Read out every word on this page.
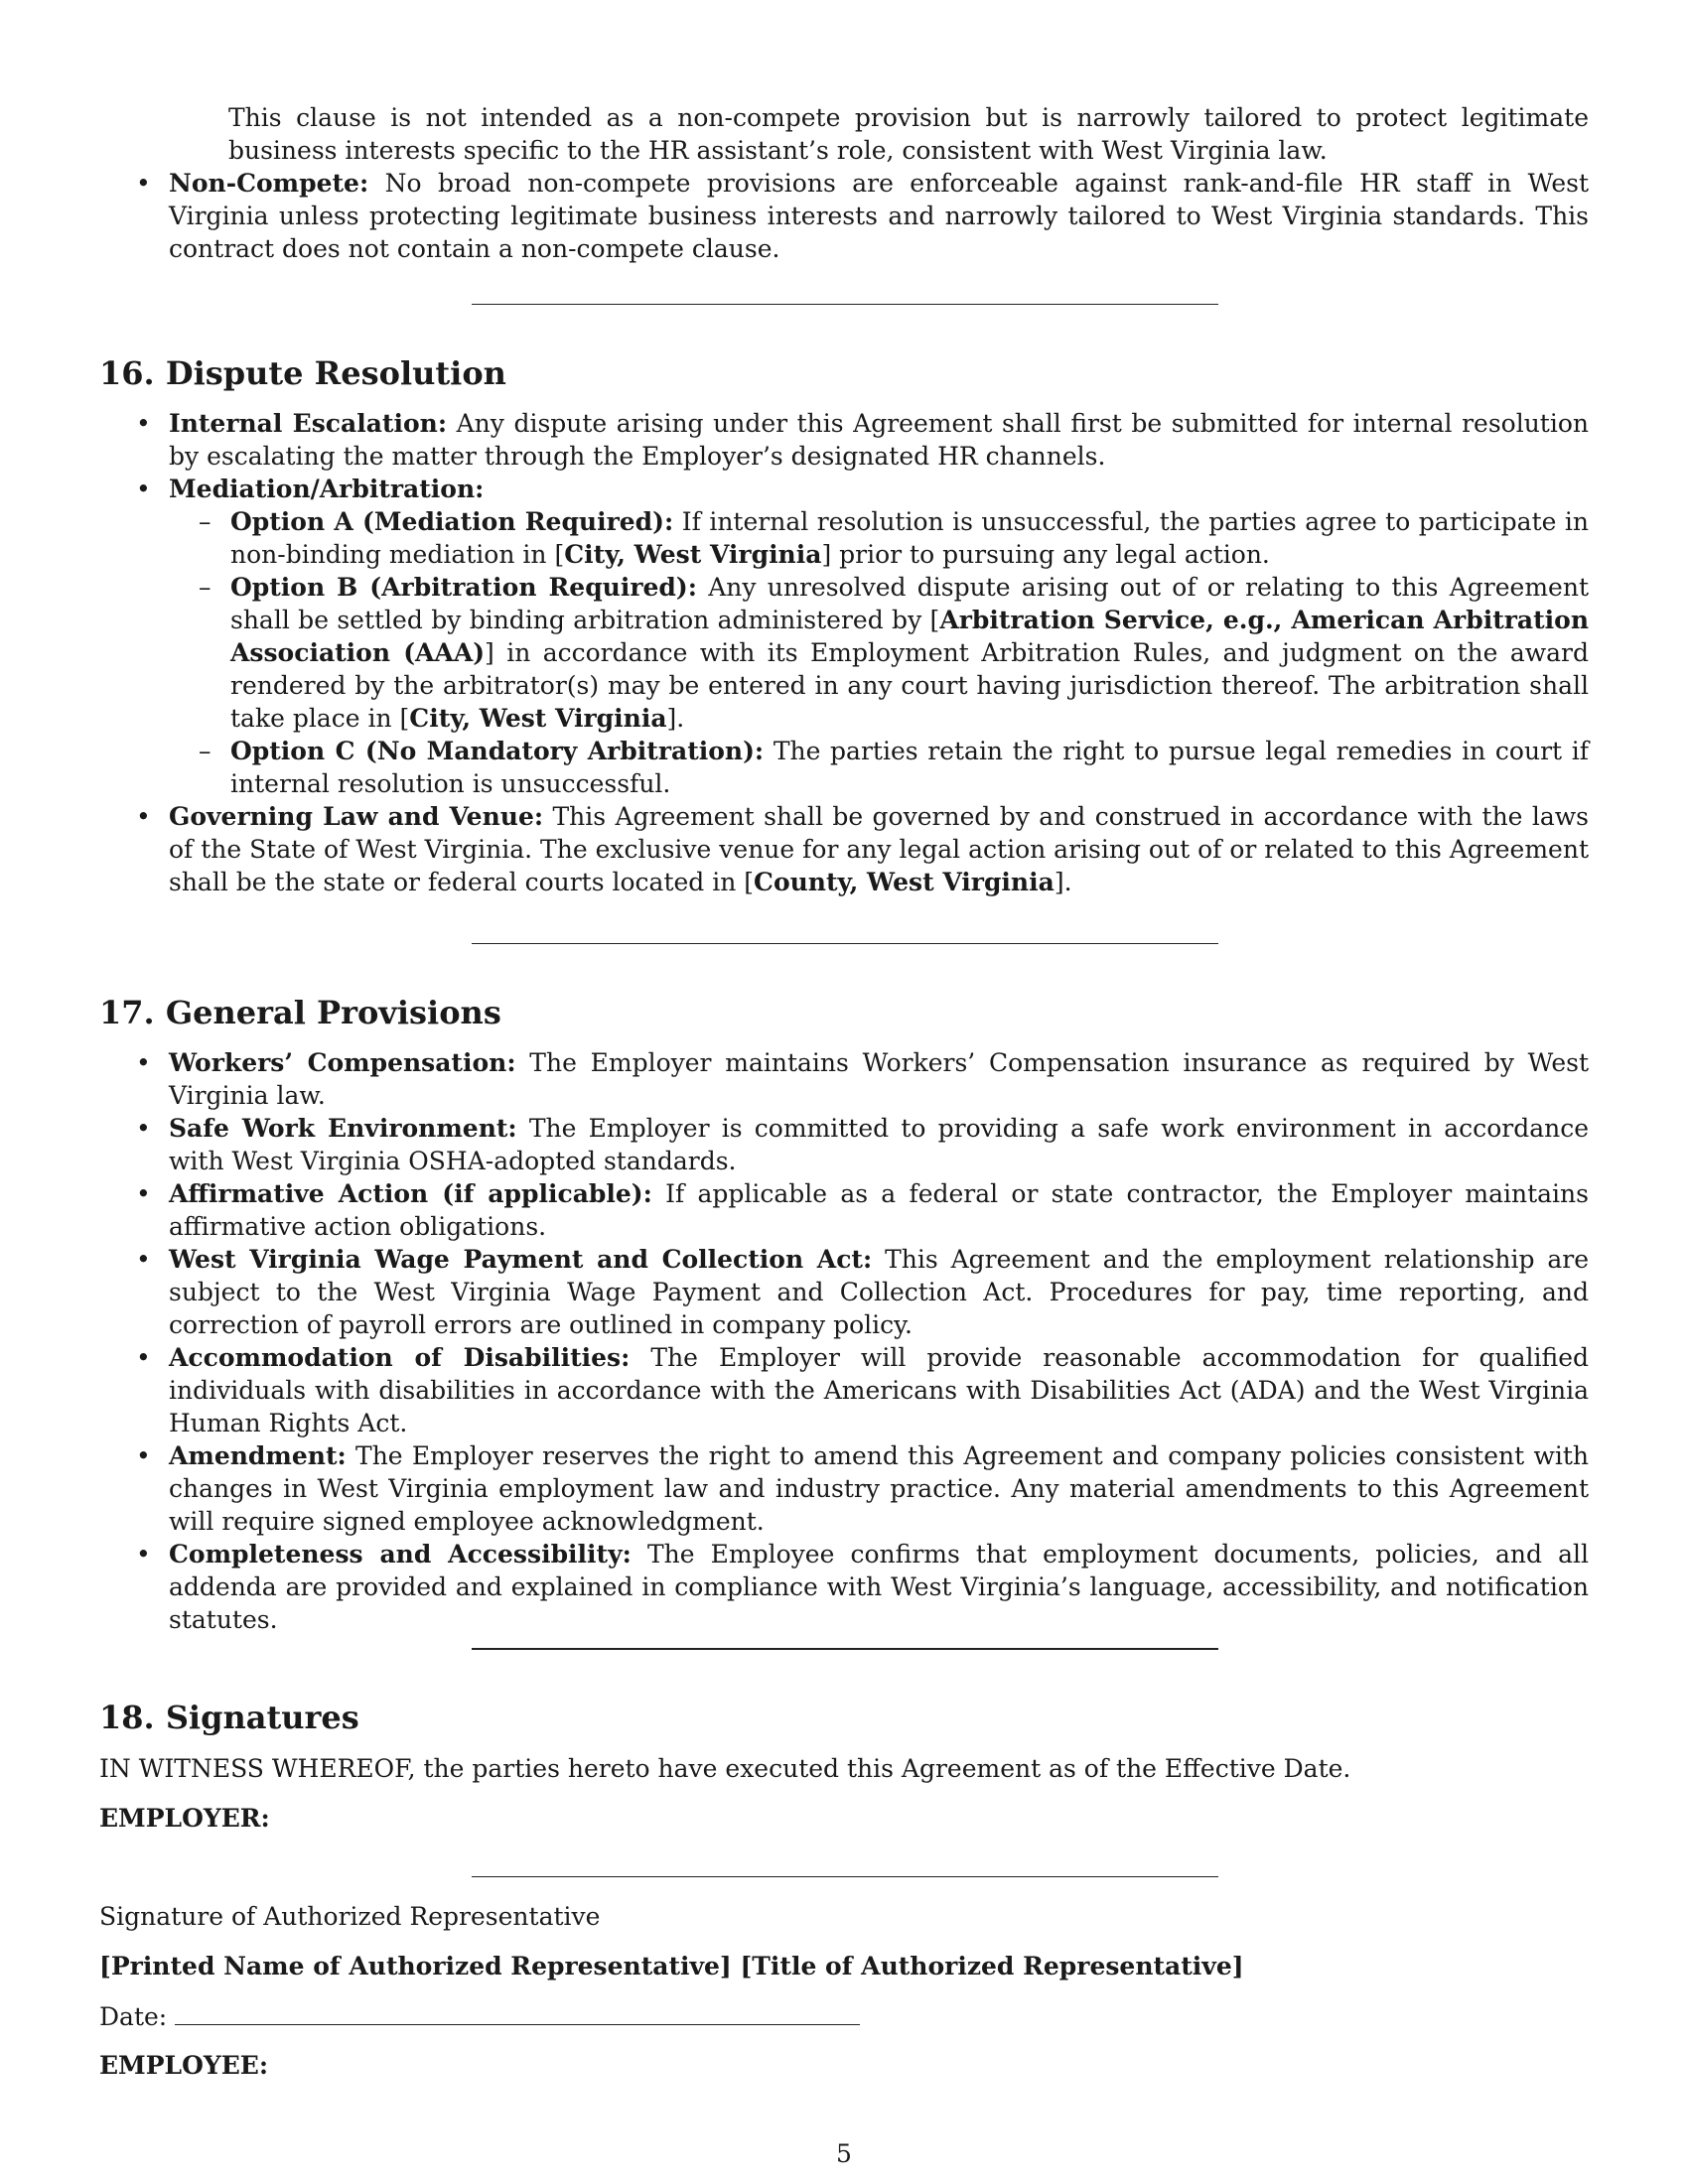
This clause is not intended as a non-compete provision but is narrowly tailored to protect legitimate business interests specific to the HR assistant’s role, consistent with West Virginia law.

• Non-Compete: No broad non-compete provisions are enforceable against rank-and-file HR staff in West Virginia unless protecting legitimate business interests and narrowly tailored to West Virginia standards. This contract does not contain a non-compete clause.
16. Dispute Resolution
• Internal Escalation: Any dispute arising under this Agreement shall first be submitted for internal resolution by escalating the matter through the Employer’s designated HR channels.
• Mediation/Arbitration:
– Option A (Mediation Required): If internal resolution is unsuccessful, the parties agree to participate in non-binding mediation in [City, West Virginia] prior to pursuing any legal action.
– Option B (Arbitration Required): Any unresolved dispute arising out of or relating to this Agreement shall be settled by binding arbitration administered by [Arbitration Service, e.g., American Arbitration Association (AAA)] in accordance with its Employment Arbitration Rules, and judgment on the award rendered by the arbitrator(s) may be entered in any court having jurisdiction thereof. The arbitration shall take place in [City, West Virginia].
– Option C (No Mandatory Arbitration): The parties retain the right to pursue legal remedies in court if internal resolution is unsuccessful.
• Governing Law and Venue: This Agreement shall be governed by and construed in accordance with the laws of the State of West Virginia. The exclusive venue for any legal action arising out of or related to this Agreement shall be the state or federal courts located in [County, West Virginia].
17. General Provisions
• Workers’ Compensation: The Employer maintains Workers’ Compensation insurance as required by West Virginia law.
• Safe Work Environment: The Employer is committed to providing a safe work environment in accordance with West Virginia OSHA-adopted standards.
• Affirmative Action (if applicable): If applicable as a federal or state contractor, the Employer maintains affirmative action obligations.
• West Virginia Wage Payment and Collection Act: This Agreement and the employment relationship are subject to the West Virginia Wage Payment and Collection Act. Procedures for pay, time reporting, and correction of payroll errors are outlined in company policy.
• Accommodation of Disabilities: The Employer will provide reasonable accommodation for qualified individuals with disabilities in accordance with the Americans with Disabilities Act (ADA) and the West Virginia Human Rights Act.
• Amendment: The Employer reserves the right to amend this Agreement and company policies consistent with changes in West Virginia employment law and industry practice. Any material amendments to this Agreement will require signed employee acknowledgment.
• Completeness and Accessibility: The Employee confirms that employment documents, policies, and all addenda are provided and explained in compliance with West Virginia’s language, accessibility, and notification statutes.
18. Signatures

IN WITNESS WHEREOF, the parties hereto have executed this Agreement as of the Effective Date.

EMPLOYER:

Signature of Authorized Representative

[Printed Name of Authorized Representative] [Title of Authorized Representative]

Date:

EMPLOYEE:

5
